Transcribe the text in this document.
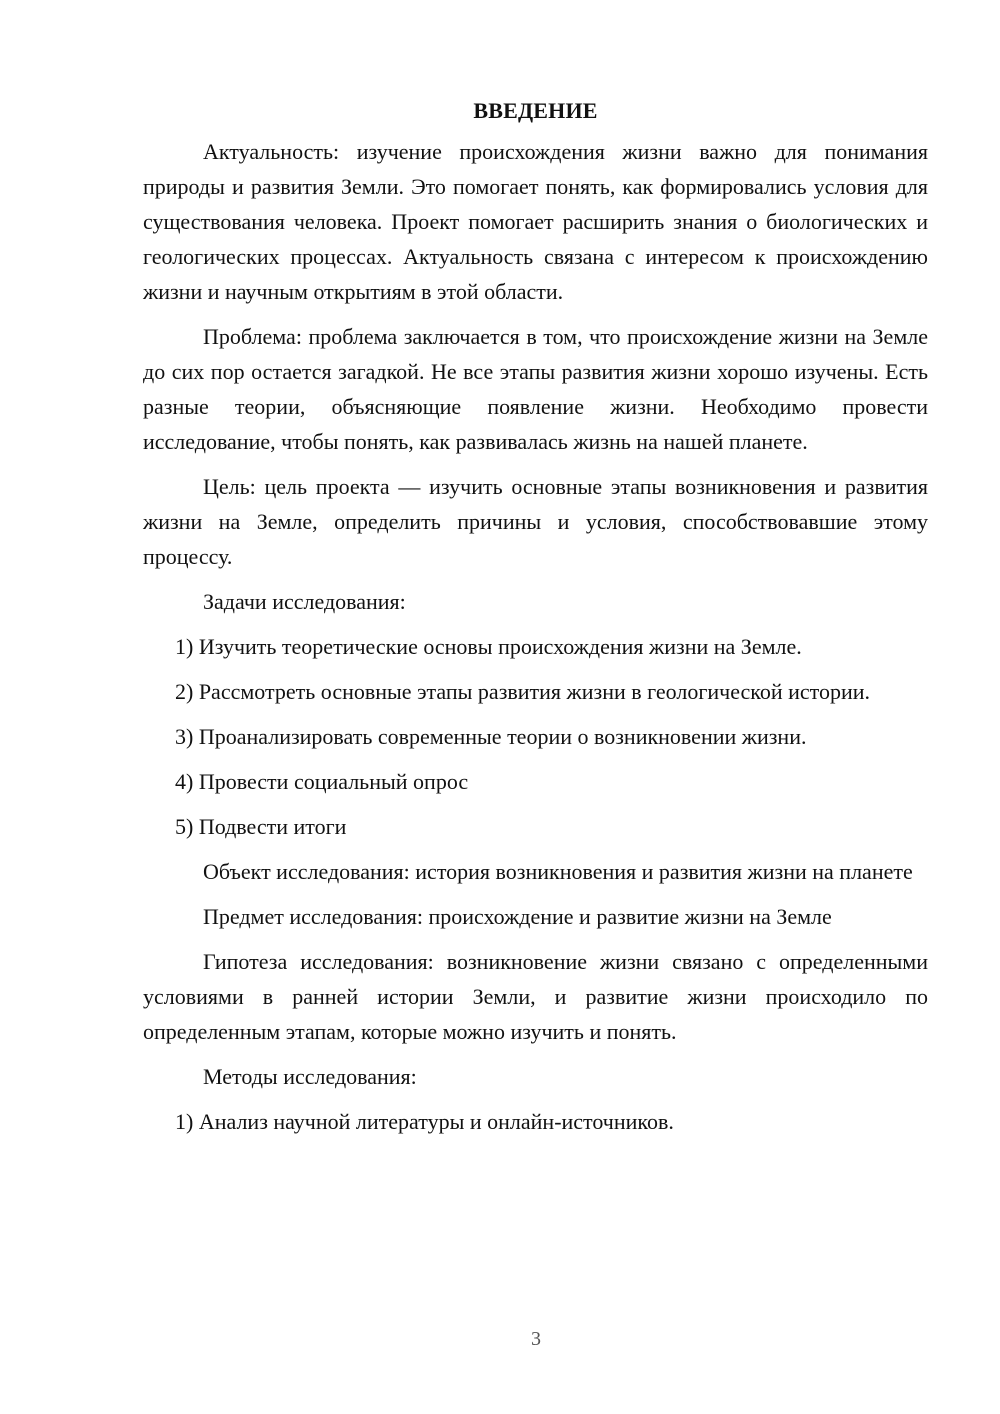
ВВЕДЕНИЕ

Актуальность: изучение происхождения жизни важно для понимания природы и развития Земли. Это помогает понять, как формировались условия для существования человека. Проект помогает расширить знания о биологических и геологических процессах. Актуальность связана с интересом к происхождению жизни и научным открытиям в этой области.

Проблема: проблема заключается в том, что происхождение жизни на Земле до сих пор остается загадкой. Не все этапы развития жизни хорошо изучены. Есть разные теории, объясняющие появление жизни. Необходимо провести исследование, чтобы понять, как развивалась жизнь на нашей планете.

Цель: цель проекта — изучить основные этапы возникновения и развития жизни на Земле, определить причины и условия, способствовавшие этому процессу.

Задачи исследования:

1) Изучить теоретические основы происхождения жизни на Земле.

2) Рассмотреть основные этапы развития жизни в геологической истории.

3) Проанализировать современные теории о возникновении жизни.

4) Провести социальный опрос

5) Подвести итоги

Объект исследования: история возникновения и развития жизни на планете

Предмет исследования: происхождение и развитие жизни на Земле

Гипотеза исследования: возникновение жизни связано с определенными условиями в ранней истории Земли, и развитие жизни происходило по определенным этапам, которые можно изучить и понять.

Методы исследования:

1) Анализ научной литературы и онлайн-источников.

3
